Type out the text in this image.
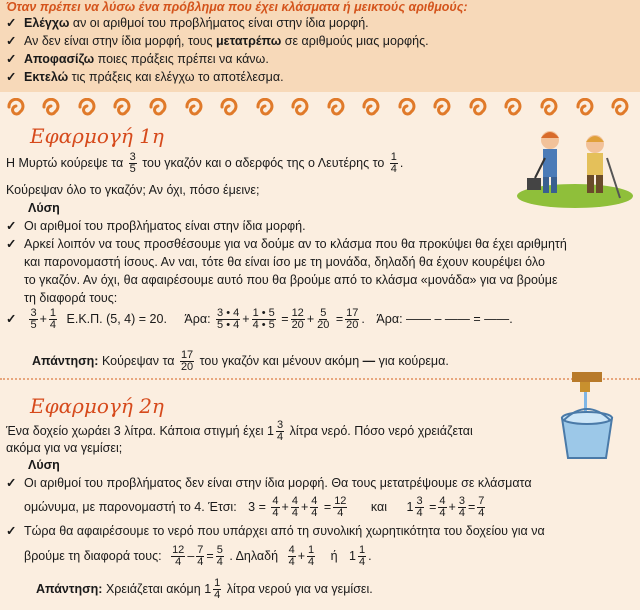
Όταν πρέπει να λύσω ένα πρόβλημα που έχει κλάσματα ή μεικτούς αριθμούς:
✓ Ελέγχω αν οι αριθμοί του προβλήματος είναι στην ίδια μορφή.
✓ Αν δεν είναι στην ίδια μορφή, τους μετατρέπω σε αριθμούς μιας μορφής.
✓ Αποφασίζω ποιες πράξεις πρέπει να κάνω.
✓ Εκτελώ τις πράξεις και ελέγχω το αποτέλεσμα.
Εφαρμογή 1η
Η Μυρτώ κούρεψε τα $\frac{3}{5}$ του γκαζόν και ο αδερφός της ο Λευτέρης το $\frac{1}{4}$ .
Κούρεψαν όλο το γκαζόν; Αν όχι, πόσο έμεινε;
Λύση
✓ Οι αριθμοί του προβλήματος είναι στην ίδια μορφή.
✓ Αρκεί λοιπόν να τους προσθέσουμε για να δούμε αν το κλάσμα που θα προκύψει θα έχει αριθμητή
και παρονομαστή ίσους. Αν ναι, τότε θα είναι ίσο με τη μονάδα, δηλαδή θα έχουν κουρέψει όλο
το γκαζόν. Αν όχι, θα αφαιρέσουμε αυτό που θα βρούμε από το κλάσμα «μονάδα» για να βρούμε
τη διαφορά τους:
✓ $\frac{3}{5} + \frac{1}{4} E.K.\Pi$. (5, 4) = 20. Άρα: $\frac{3 • 4}{5 • 4} + \frac{1 • 5}{4 • 5} = \frac{12}{20} + \frac{5}{20} = \frac{17}{20}$ . Άρα: —— – —— = ——.
Απάντηση: Κούρεψαν τα $\frac{17}{20}$ του γκαζόν και μένουν ακόμη — για κούρεμα.
Εφαρμογή 2η
Ένα δοχείο χωράει 3 λίτρα. Κάποια στιγμή έχει $1 \frac{3}{4}$ λίτρα νερό. Πόσο νερό χρειάζεται
ακόμα για να γεμίσει;
Λύση
✓ Οι αριθμοί του προβλήματος δεν είναι στην ίδια μορφή. Θα τους μετατρέψουμε σε κλάσματα
ομώνυμα, με παρονομαστή το 4. Έτσι: $3 = \frac{4}{4} + \frac{4}{4} + \frac{4}{4} = \frac{12}{4}$ και $1 \frac{3}{4} = \frac{4}{4} + \frac{3}{4} = \frac{7}{4}$
✓ Τώρα θα αφαιρέσουμε το νερό που υπάρχει από τη συνολική χωρητικότητα του δοχείου για να
βρούμε τη διαφορά τους: $\frac{12}{4} - \frac{7}{4} = \frac{5}{4}$ . Δηλαδή $\frac{4}{4} + \frac{1}{4}$ ή $1 \frac{1}{4}$ .
Απάντηση: Χρειάζεται ακόμη $1 \frac{1}{4}$ λίτρα νερού για να γεμίσει.
